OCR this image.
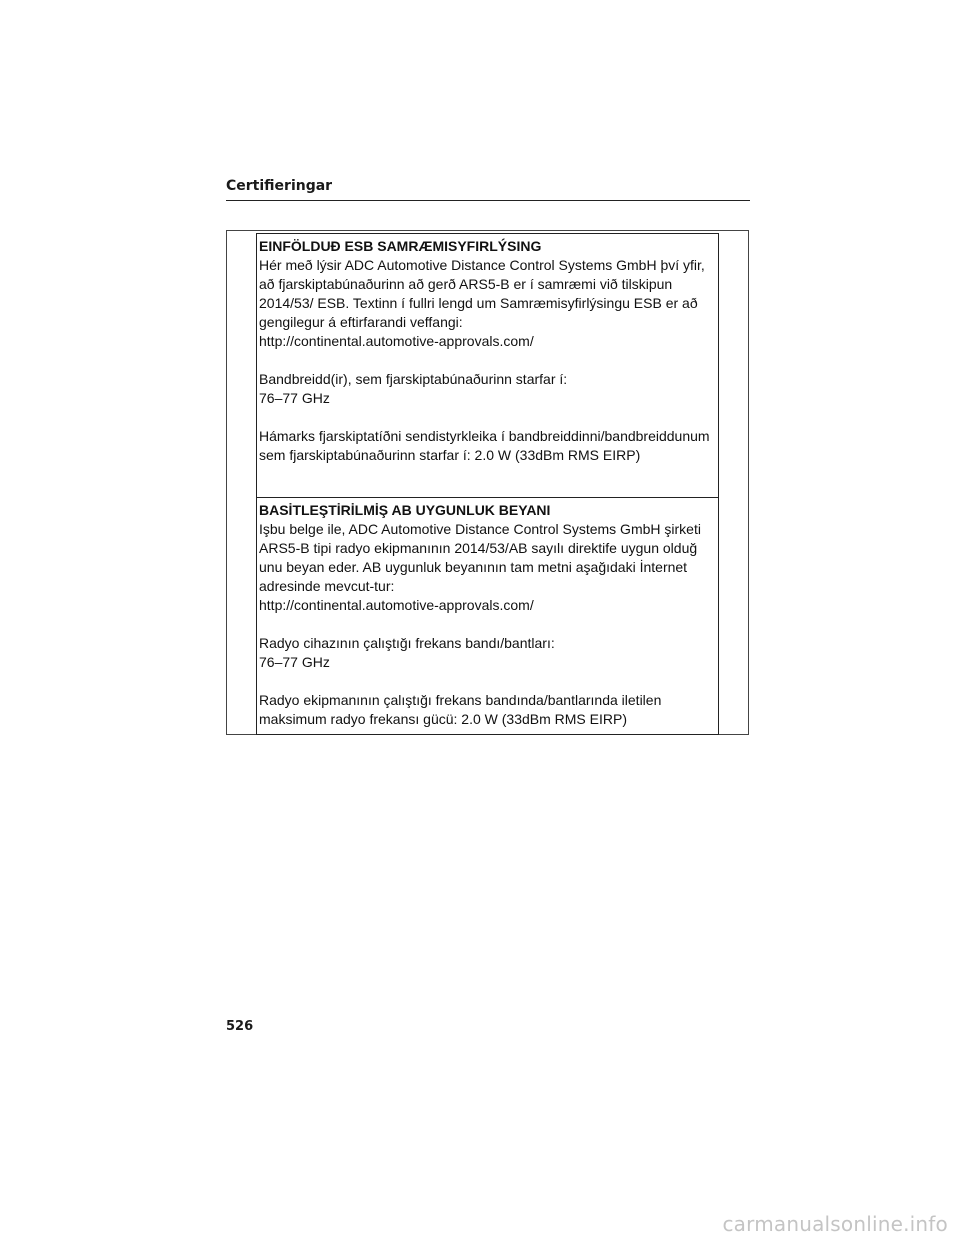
Certifieringar
EINFÖLDUÐ ESB SAMRÆMISYFIRLÝSING
Hér með lýsir ADC Automotive Distance Control Systems GmbH því yfir,
að fjarskiptabúnaðurinn að gerð ARS5-B er í samræmi við tilskipun
2014/53/ ESB. Textinn í fullri lengd um Samræmisyfirlýsingu ESB er að
gengilegur á eftirfarandi veffangi:
http://continental.automotive-approvals.com/
Bandbreidd(ir), sem fjarskiptabúnaðurinn starfar í:
76–77 GHz
Hámarks fjarskiptatíðni sendistyrkleika í bandbreiddinni/bandbreiddunum
sem fjarskiptabúnaðurinn starfar í: 2.0 W (33dBm RMS EIRP)
BASİTLEŞTİRİLMİŞ AB UYGUNLUK BEYANI
Işbu belge ile, ADC Automotive Distance Control Systems GmbH şirketi
ARS5-B tipi radyo ekipmanının 2014/53/AB sayılı direktife uygun olduğ
unu beyan eder. AB uygunluk beyanının tam metni aşağıdaki İnternet
adresinde mevcut-tur:
http://continental.automotive-approvals.com/
Radyo cihazının çalıştığı frekans bandı/bantları:
76–77 GHz
Radyo ekipmanının çalıştığı frekans bandında/bantlarında iletilen
maksimum radyo frekansı gücü: 2.0 W (33dBm RMS EIRP)
526
carmanualsonline.info
